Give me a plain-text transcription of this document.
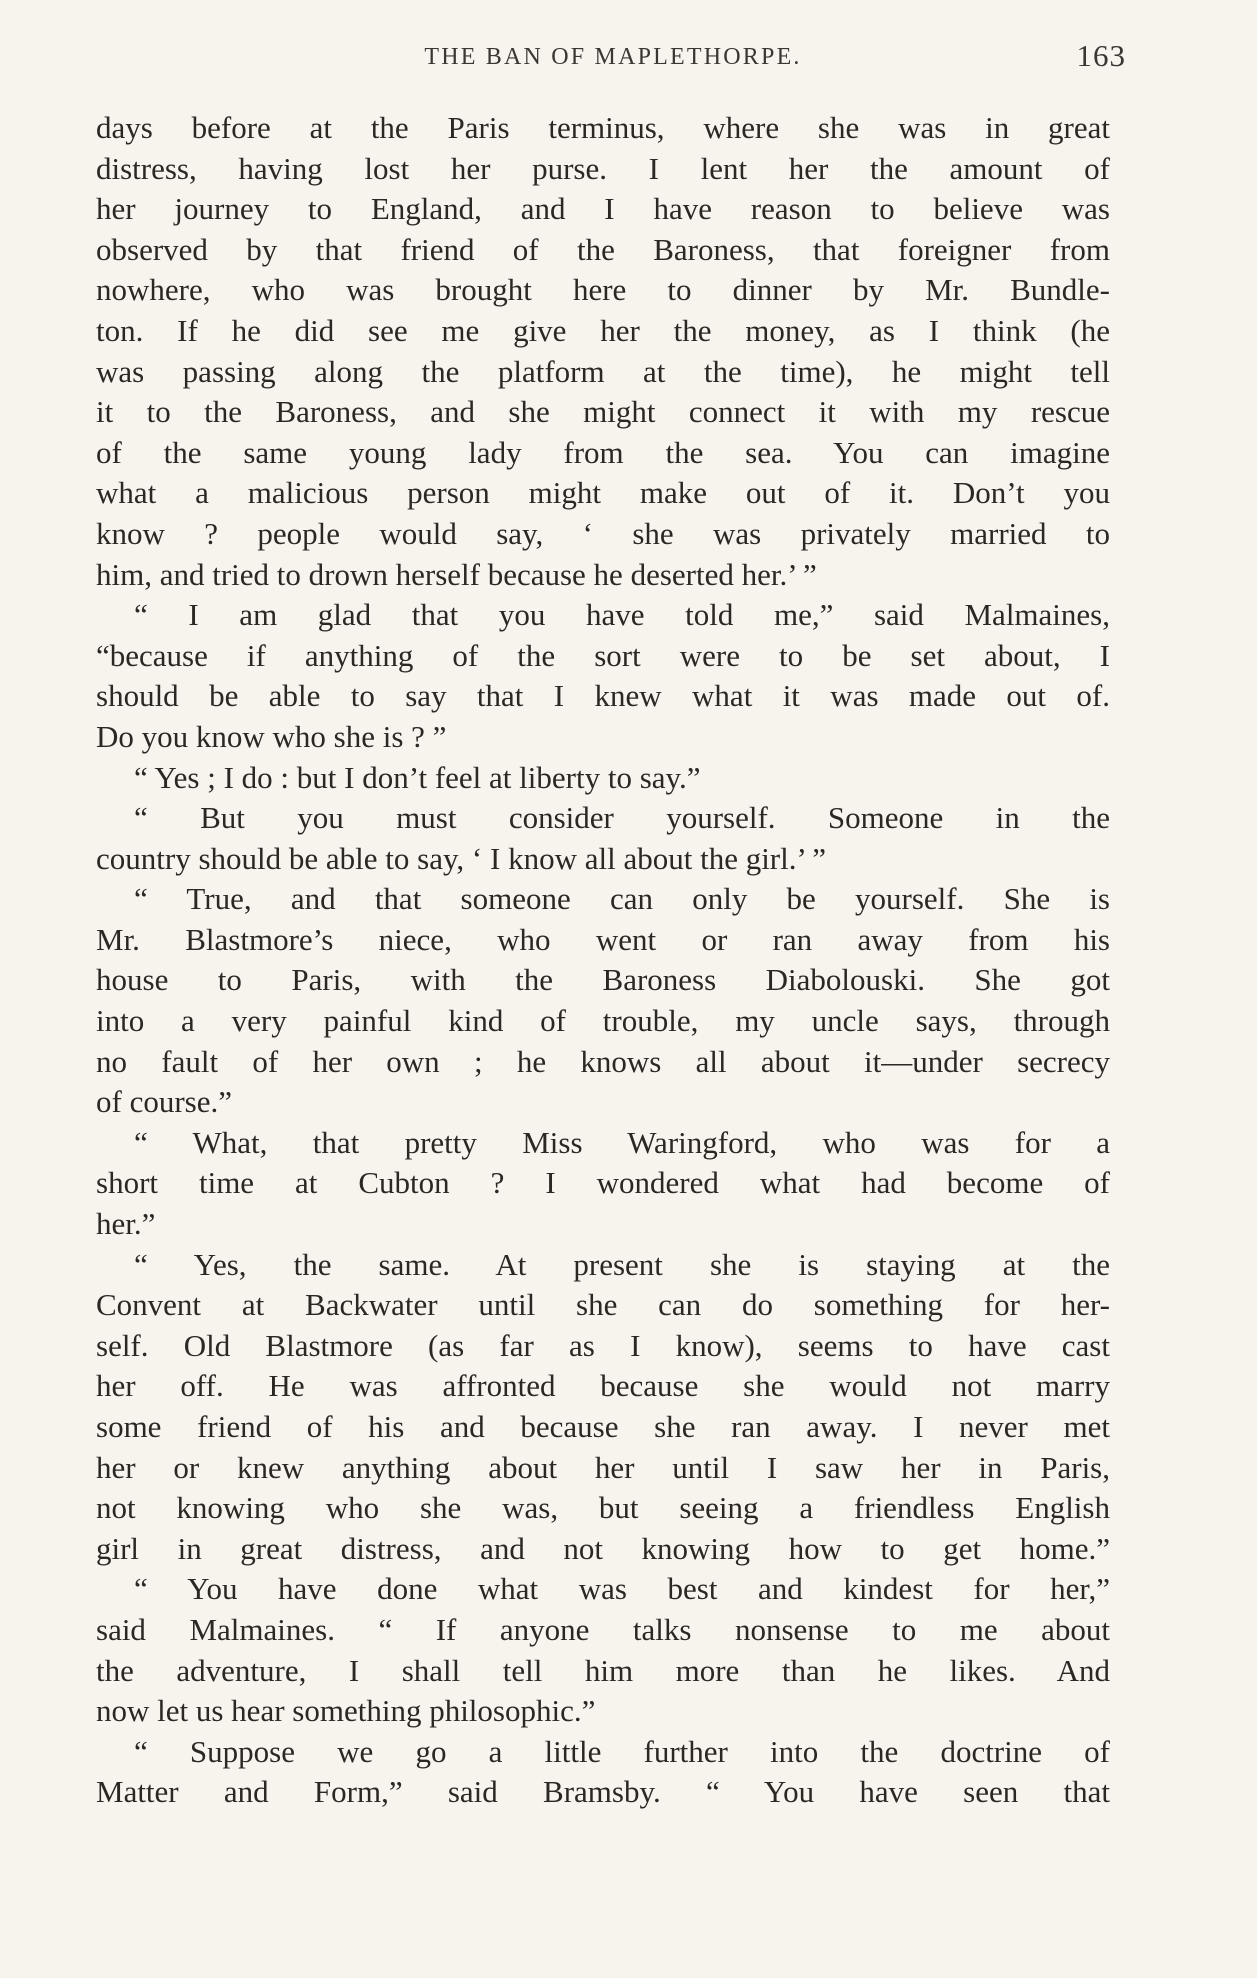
THE BAN OF MAPLETHORPE.	163
days before at the Paris terminus, where she was in great
distress, having lost her purse. I lent her the amount of
her journey to England, and I have reason to believe was
observed by that friend of the Baroness, that foreigner from
nowhere, who was brought here to dinner by Mr. Bundle-
ton. If he did see me give her the money, as I think (he
was passing along the platform at the time), he might tell
it to the Baroness, and she might connect it with my rescue
of the same young lady from the sea. You can imagine
what a malicious person might make out of it. Don’t you
know ? people would say, ‘ she was privately married to
him, and tried to drown herself because he deserted her.’ ”
“ I am glad that you have told me,” said Malmaines,
“because if anything of the sort were to be set about, I
should be able to say that I knew what it was made out of.
Do you know who she is ? ”
“ Yes ; I do : but I don’t feel at liberty to say.”
“ But you must consider yourself. Someone in the
country should be able to say, ‘ I know all about the girl.’ ”
“ True, and that someone can only be yourself. She is
Mr. Blastmore’s niece, who went or ran away from his
house to Paris, with the Baroness Diabolouski. She got
into a very painful kind of trouble, my uncle says, through
no fault of her own ; he knows all about it—under secrecy
of course.”
“ What, that pretty Miss Waringford, who was for a
short time at Cubton ? I wondered what had become of
her.”
“ Yes, the same. At present she is staying at the
Convent at Backwater until she can do something for her-
self. Old Blastmore (as far as I know), seems to have cast
her off. He was affronted because she would not marry
some friend of his and because she ran away. I never met
her or knew anything about her until I saw her in Paris,
not knowing who she was, but seeing a friendless English
girl in great distress, and not knowing how to get home.”
“ You have done what was best and kindest for her,”
said Malmaines. “ If anyone talks nonsense to me about
the adventure, I shall tell him more than he likes. And
now let us hear something philosophic.”
“ Suppose we go a little further into the doctrine of
Matter and Form,” said Bramsby. “ You have seen that
